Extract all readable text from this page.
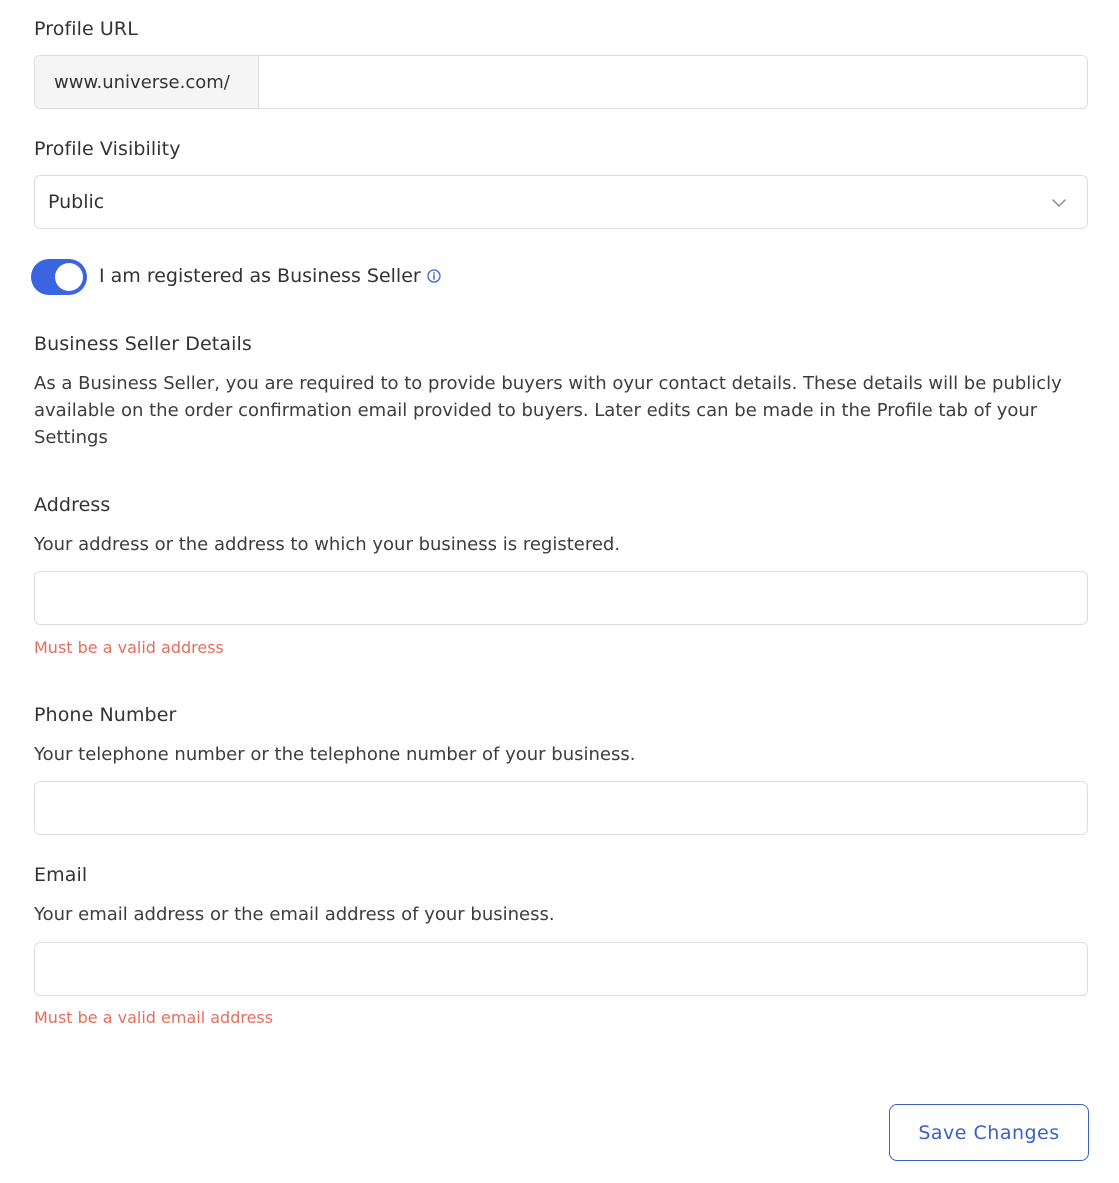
Profile URL
www.universe.com/
Profile Visibility
Public
I am registered as Business Seller
Business Seller Details
As a Business Seller, you are required to to provide buyers with oyur contact details. These details will be publicly available on the order confirmation email provided to buyers. Later edits can be made in the Profile tab of your Settings
Address
Your address or the address to which your business is registered.
Must be a valid address
Phone Number
Your telephone number or the telephone number of your business.
Email
Your email address or the email address of your business.
Must be a valid email address
Save Changes
